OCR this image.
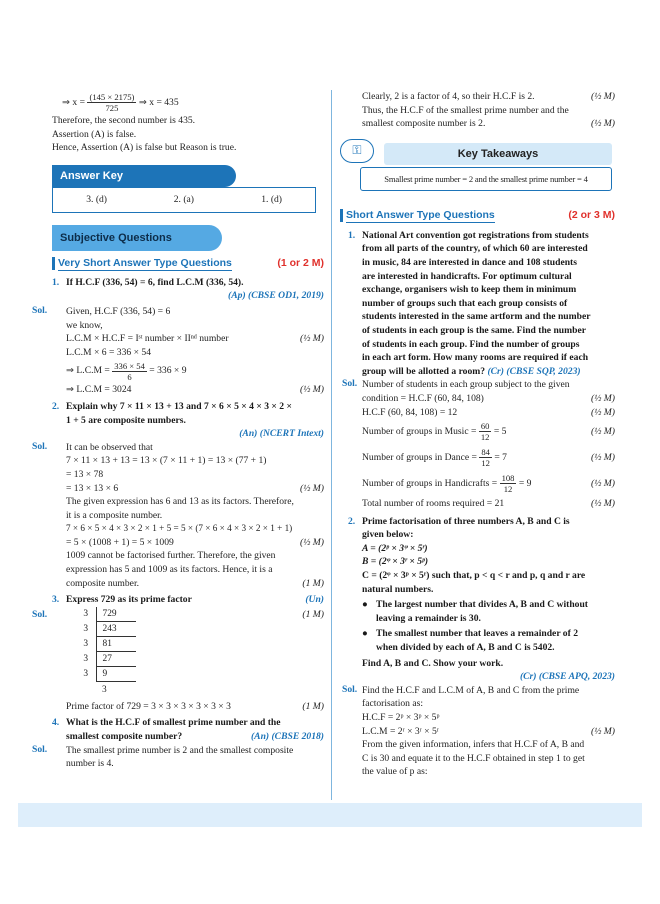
⇒ $x = \frac{(145 \times 2175)}{725}$ ⇒ x = 435
Therefore, the second number is 435.
Assertion (A) is false.
Hence, Assertion (A) is false but Reason is true.
Answer Key
1. (d)
2. (a)
3. (d)
Subjective Questions
Very Short Answer Type Questions	(1 or 2 M)
1. If H.C.F (336, 54) = 6, find L.C.M (336, 54).
(Ap) (CBSE OD1, 2019)
Sol.	Given, H.C.F (336, 54) = 6
we know,
L.C.M × H.C.F = Iˢᵗ number × IIⁿᵈ number	(½ M)
L.C.M × 6 = 336 × 54
⇒ $L.C.M = \frac{336 \times 54}{6} = 336 \times 9$
⇒ L.C.M = 3024	(½ M)
2. Explain why 7 × 11 × 13 + 13 and 7 × 6 × 5 × 4 × 3 × 2 ×
1 + 5 are composite numbers.
(An) (NCERT Intext)
Sol.	It can be observed that
7 × 11 × 13 + 13 = 13 × (7 × 11 + 1) = 13 × (77 + 1)
= 13 × 78
= 13 × 13 × 6	(½ M)
The given expression has 6 and 13 as its factors. Therefore,
it is a composite number.
7 × 6 × 5 × 4 × 3 × 2 × 1 + 5 = 5 × (7 × 6 × 4 × 3 × 2 × 1 + 1)
= 5 × (1008 + 1) = 5 × 1009	(½ M)
1009 cannot be factorised further. Therefore, the given
expression has 5 and 1009 as its factors. Hence, it is a
composite number.	(1 M)
3. Express 729 as its prime factor	(Un)
Sol.	(1 M)
3	729
3	243
3	81
3	27
3	9
	3
Prime factor of 729 = 3 × 3 × 3 × 3 × 3 × 3	(1 M)
4. What is the H.C.F of smallest prime number and the
smallest composite number?	(An) (CBSE 2018)
Sol.	The smallest prime number is 2 and the smallest composite
number is 4.
Clearly, 2 is a factor of 4, so their H.C.F is 2.	(½ M)
Thus, the H.C.F of the smallest prime number and the
smallest composite number is 2.	(½ M)
⚿	Key Takeaways
Smallest prime number = 2 and the smallest prime number = 4
Short Answer Type Questions	(2 or 3 M)
1. National Art convention got registrations from students
from all parts of the country, of which 60 are interested
in music, 84 are interested in dance and 108 students
are interested in handicrafts. For optimum cultural
exchange, organisers wish to keep them in minimum
number of groups such that each group consists of
students interested in the same artform and the number
of students in each group is the same. Find the number
of students in each group. Find the number of groups
in each art form. How many rooms are required if each
group will be allotted a room? (Cr) (CBSE SQP, 2023)
Sol. Number of students in each group subject to the given
condition = H.C.F (60, 84, 108)	(½ M)
H.C.F (60, 84, 108) = 12	(½ M)
Number of groups in Music = $\frac{60}{12} = 5$	(½ M)
Number of groups in Dance = $\frac{84}{12} = 7$	(½ M)
Number of groups in Handicrafts = $\frac{108}{12} = 9$	(½ M)
Total number of rooms required = 21	(½ M)
2. Prime factorisation of three numbers A, B and C is
given below:
A = (2ᵖ × 3ᵠ × 5ʳ)
B = (2ᵠ × 3ʳ × 5ᵖ)
C = (2ᵠ × 3ᵖ × 5ʳ) such that, p < q < r and p, q and r are
natural numbers.
● The largest number that divides A, B and C without
leaving a remainder is 30.
● The smallest number that leaves a remainder of 2
when divided by each of A, B and C is 5402.
Find A, B and C. Show your work.
(Cr) (CBSE APQ, 2023)
Sol. Find the H.C.F and L.C.M of A, B and C from the prime
factorisation as:
H.C.F = 2ᵖ × 3ᵖ × 5ᵖ
L.C.M = 2ʳ × 3ʳ × 5ʳ	(½ M)
From the given information, infers that H.C.F of A, B and
C is 30 and equate it to the H.C.F obtained in step 1 to get
the value of p as:
